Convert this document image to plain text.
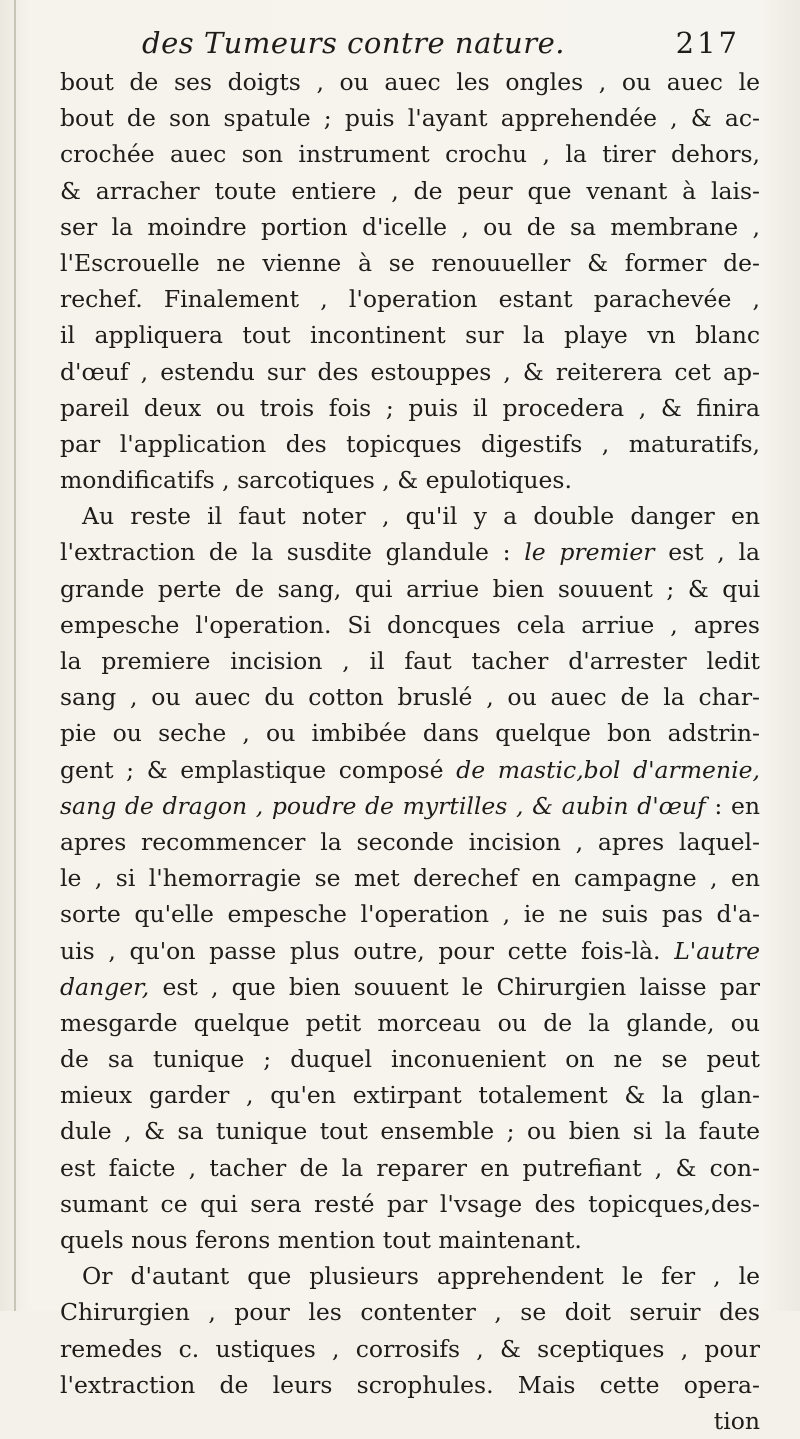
des Tumeurs contre nature.	217
bout de ses doigts , ou auec les ongles , ou auec le
bout de son spatule ; puis l'ayant apprehendée , & ac-
crochée auec son instrument crochu , la tirer dehors,
& arracher toute entiere , de peur que venant à lais-
ser la moindre portion d'icelle , ou de sa membrane ,
l'Escrouelle ne vienne à se renouueller & former de-
rechef. Finalement , l'operation estant parachevée ,
il appliquera tout incontinent sur la playe vn blanc
d'œuf , estendu sur des estouppes , & reiterera cet ap-
pareil deux ou trois fois ; puis il procedera , & finira
par l'application des topicques digestifs , maturatifs,
mondificatifs , sarcotiques , & epulotiques.
Au reste il faut noter , qu'il y a double danger en
l'extraction de la susdite glandule : le premier est , la
grande perte de sang, qui arriue bien souuent ; & qui
empesche l'operation. Si doncques cela arriue , apres
la premiere incision , il faut tacher d'arrester ledit
sang , ou auec du cotton bruslé , ou auec de la char-
pie ou seche , ou imbibée dans quelque bon adstrin-
gent ; & emplastique composé de mastic,bol d'armenie,
sang de dragon , poudre de myrtilles , & aubin d'œuf : en
apres recommencer la seconde incision , apres laquel-
le , si l'hemorragie se met derechef en campagne , en
sorte qu'elle empesche l'operation , ie ne suis pas d'a-
uis , qu'on passe plus outre, pour cette fois-là. L'autre
danger, est , que bien souuent le Chirurgien laisse par
mesgarde quelque petit morceau ou de la glande, ou
de sa tunique ; duquel inconuenient on ne se peut
mieux garder , qu'en extirpant totalement & la glan-
dule , & sa tunique tout ensemble ; ou bien si la faute
est faicte , tacher de la reparer en putrefiant , & con-
sumant ce qui sera resté par l'vsage des topicques,des-
quels nous ferons mention tout maintenant.
Or d'autant que plusieurs apprehendent le fer , le
Chirurgien , pour les contenter , se doit seruir des
remedes c. ustiques , corrosifs , & sceptiques , pour
l'extraction de leurs scrophules. Mais cette opera-
tion
